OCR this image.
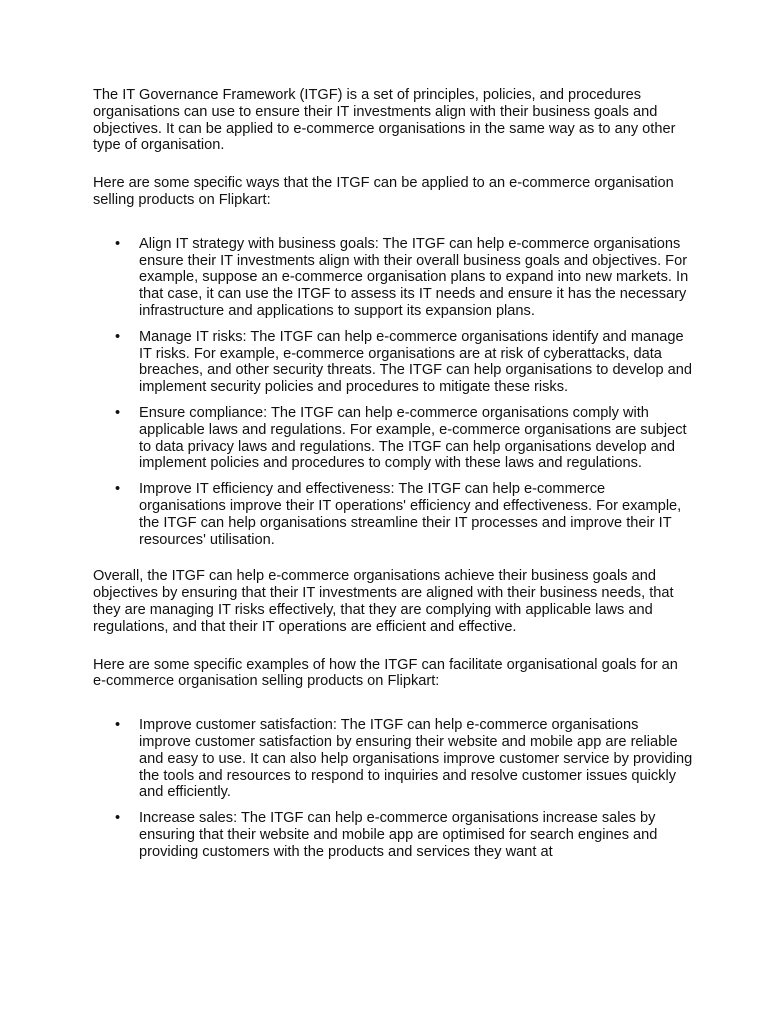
The IT Governance Framework (ITGF) is a set of principles, policies, and procedures organisations can use to ensure their IT investments align with their business goals and objectives. It can be applied to e-commerce organisations in the same way as to any other type of organisation.

Here are some specific ways that the ITGF can be applied to an e-commerce organisation selling products on Flipkart:

• Align IT strategy with business goals: The ITGF can help e-commerce organisations ensure their IT investments align with their overall business goals and objectives. For example, suppose an e-commerce organisation plans to expand into new markets. In that case, it can use the ITGF to assess its IT needs and ensure it has the necessary infrastructure and applications to support its expansion plans.
• Manage IT risks: The ITGF can help e-commerce organisations identify and manage IT risks. For example, e-commerce organisations are at risk of cyberattacks, data breaches, and other security threats. The ITGF can help organisations to develop and implement security policies and procedures to mitigate these risks.
• Ensure compliance: The ITGF can help e-commerce organisations comply with applicable laws and regulations. For example, e-commerce organisations are subject to data privacy laws and regulations. The ITGF can help organisations develop and implement policies and procedures to comply with these laws and regulations.
• Improve IT efficiency and effectiveness: The ITGF can help e-commerce organisations improve their IT operations' efficiency and effectiveness. For example, the ITGF can help organisations streamline their IT processes and improve their IT resources' utilisation.

Overall, the ITGF can help e-commerce organisations achieve their business goals and objectives by ensuring that their IT investments are aligned with their business needs, that they are managing IT risks effectively, that they are complying with applicable laws and regulations, and that their IT operations are efficient and effective.

Here are some specific examples of how the ITGF can facilitate organisational goals for an e-commerce organisation selling products on Flipkart:

• Improve customer satisfaction: The ITGF can help e-commerce organisations improve customer satisfaction by ensuring their website and mobile app are reliable and easy to use. It can also help organisations improve customer service by providing the tools and resources to respond to inquiries and resolve customer issues quickly and efficiently.
• Increase sales: The ITGF can help e-commerce organisations increase sales by ensuring that their website and mobile app are optimised for search engines and providing customers with the products and services they want at
